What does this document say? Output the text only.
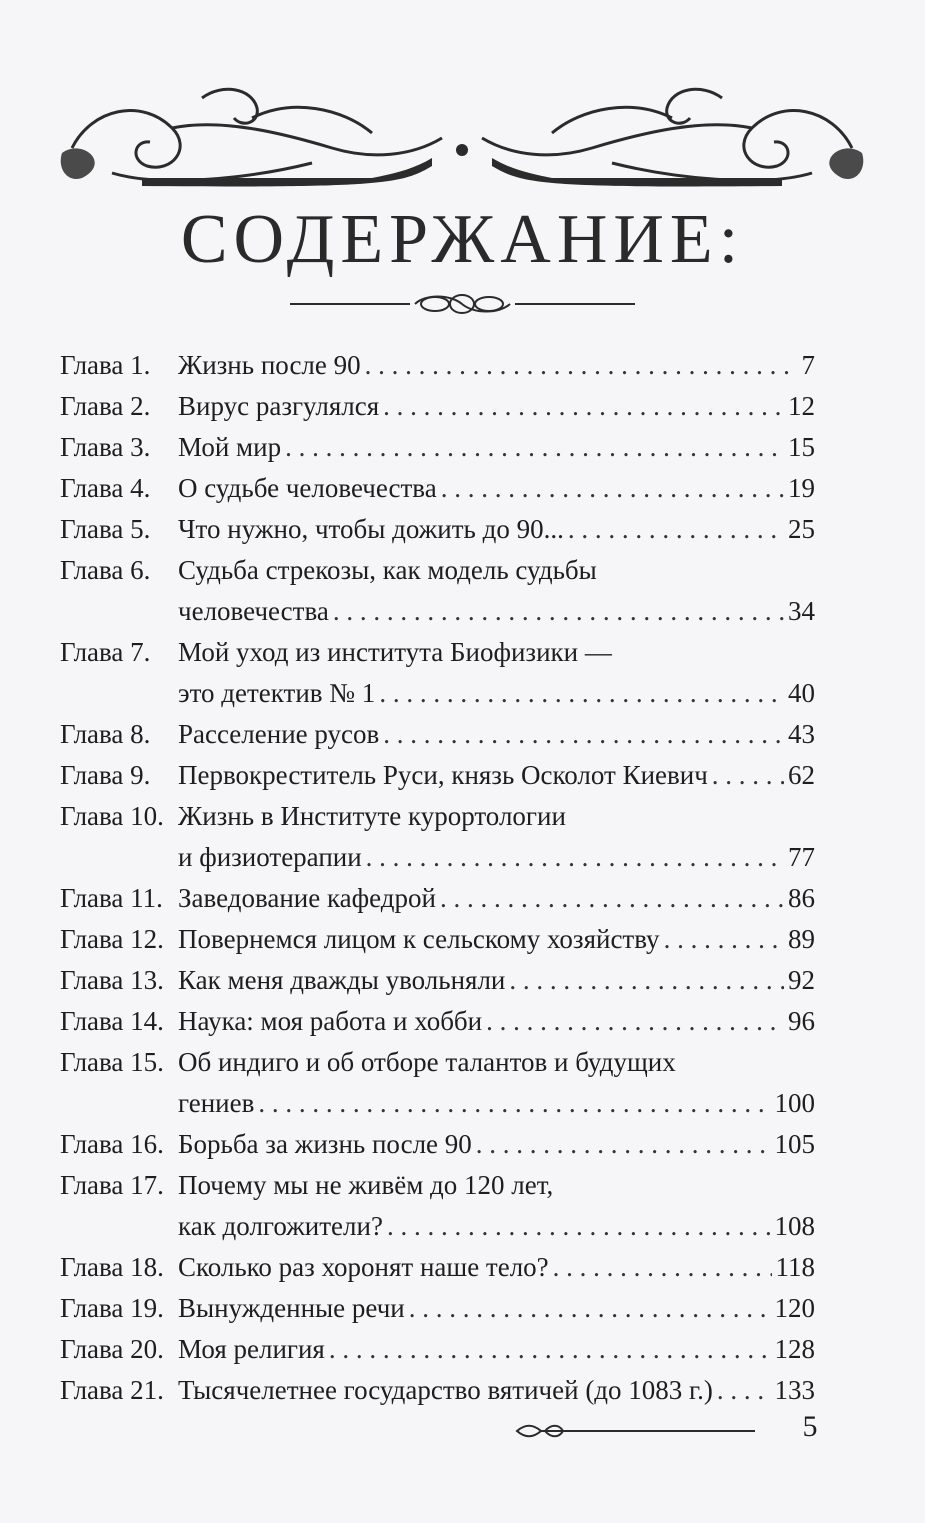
СОДЕРЖАНИЕ:
Глава 1.	Жизнь после 90 . . .	7
Глава 2.	Вирус разгулялся . . .	12
Глава 3.	Мой мир . . .	15
Глава 4.	О судьбе человечества . . .	19
Глава 5.	Что нужно, чтобы дожить до 90... . . .	25
Глава 6.	Судьба стрекозы, как модель судьбы
человечества . . .	34
Глава 7.	Мой уход из института Биофизики —
это детектив № 1 . . .	40
Глава 8.	Расселение русов . . .	43
Глава 9.	Первокреститель Руси, князь Осколот Киевич . . .	62
Глава 10. Жизнь в Институте курортологии
и физиотерапии . . .	77
Глава 11. Заведование кафедрой . . .	86
Глава 12. Повернемся лицом к сельскому хозяйству . . .	89
Глава 13. Как меня дважды увольняли . . .	92
Глава 14. Наука: моя работа и хобби . . .	96
Глава 15. Об индиго и об отборе талантов и будущих
гениев . . .	100
Глава 16. Борьба за жизнь после 90 . . .	105
Глава 17. Почему мы не живём до 120 лет,
как долгожители? . . .	108
Глава 18. Сколько раз хоронят наше тело? . . .	118
Глава 19. Вынужденные речи . . .	120
Глава 20. Моя религия . . .	128
Глава 21. Тысячелетнее государство вятичей (до 1083 г.) . . . 133
5
